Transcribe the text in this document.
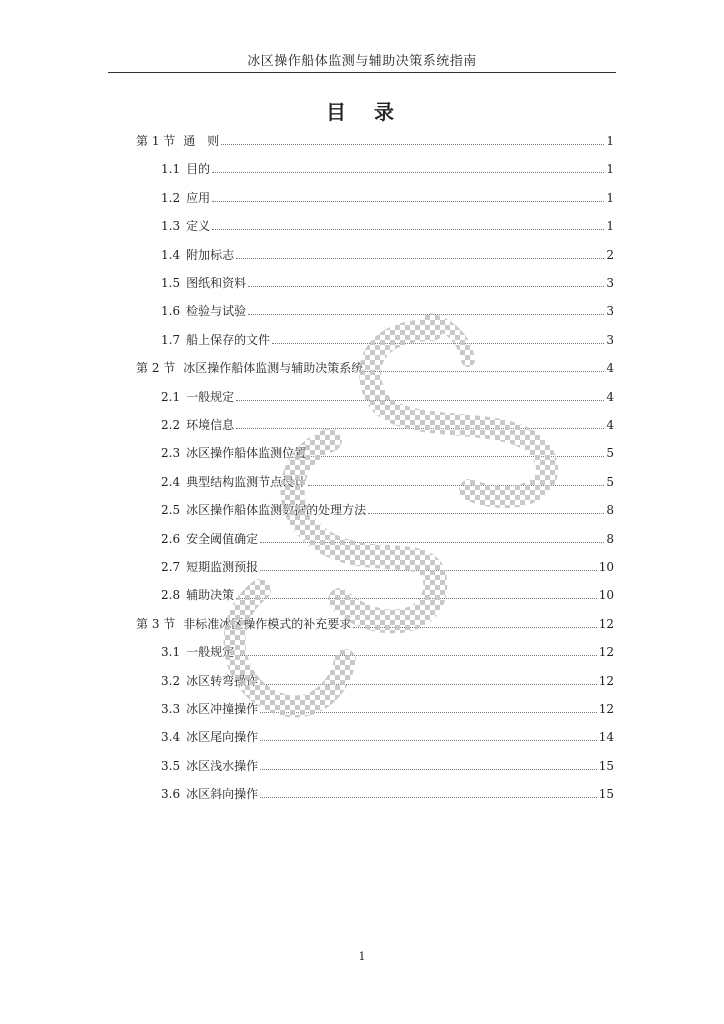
冰区操作船体监测与辅助决策系统指南
目 录
第 1 节 通　则	1
1.1 目的	1
1.2 应用	1
1.3 定义	1
1.4 附加标志	2
1.5 图纸和资料	3
1.6 检验与试验	3
1.7 船上保存的文件	3
第 2 节 冰区操作船体监测与辅助决策系统	4
2.1 一般规定	4
2.2 环境信息	4
2.3 冰区操作船体监测位置	5
2.4 典型结构监测节点设计	5
2.5 冰区操作船体监测数据的处理方法	8
2.6 安全阈值确定	8
2.7 短期监测预报	10
2.8 辅助决策	10
第 3 节 非标准冰区操作模式的补充要求	12
3.1 一般规定	12
3.2 冰区转弯操作	12
3.3 冰区冲撞操作	12
3.4 冰区尾向操作	14
3.5 冰区浅水操作	15
3.6 冰区斜向操作	15
1
